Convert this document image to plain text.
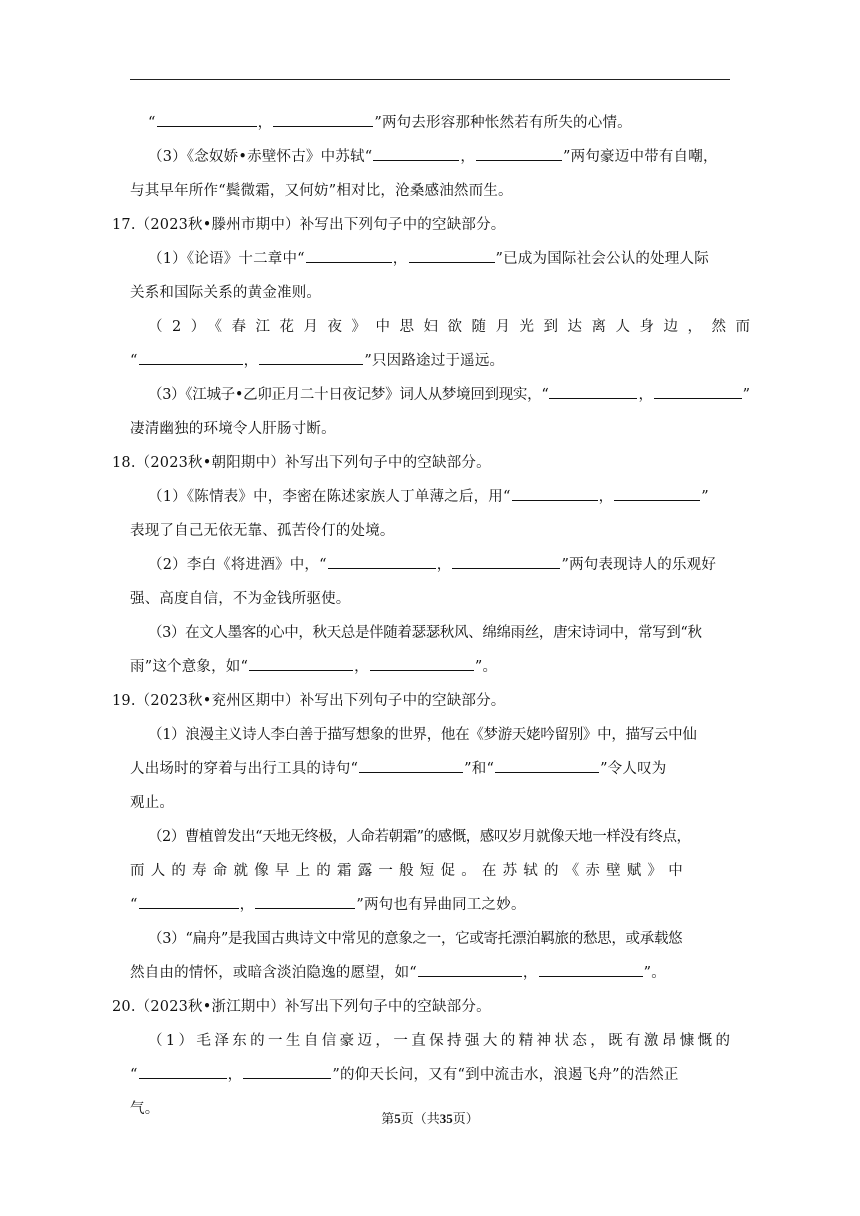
“	，	”两句去形容那种怅然若有所失的心情。
（3）《念奴娇•赤壁怀古》中苏轼“	，	”两句豪迈中带有自嘲，
与其早年所作“鬓微霜，又何妨”相对比，沧桑感油然而生。
17.（2023秋•滕州市期中）补写出下列句子中的空缺部分。
（1）《论语》十二章中“	，	”已成为国际社会公认的处理人际
关系和国际关系的黄金准则。
（2）《春江花月夜》中思妇欲随月光到达离人身边，然而
“	，	”只因路途过于遥远。
（3）《江城子•乙卯正月二十日夜记梦》词人从梦境回到现实，“	，	”
凄清幽独的环境令人肝肠寸断。
18.（2023秋•朝阳期中）补写出下列句子中的空缺部分。
（1）《陈情表》中，李密在陈述家族人丁单薄之后，用“	，	”
表现了自己无依无靠、孤苦伶仃的处境。
（2）李白《将进酒》中，“	，	”两句表现诗人的乐观好
强、高度自信，不为金钱所驱使。
（3）在文人墨客的心中，秋天总是伴随着瑟瑟秋风、绵绵雨丝，唐宋诗词中，常写到“秋
雨”这个意象，如“	，	”。
19.（2023秋•兖州区期中）补写出下列句子中的空缺部分。
（1）浪漫主义诗人李白善于描写想象的世界，他在《梦游天姥吟留别》中，描写云中仙
人出场时的穿着与出行工具的诗句“	”和“	”令人叹为
观止。
（2）曹植曾发出“天地无终极，人命若朝霜”的感慨，感叹岁月就像天地一样没有终点，
而人的寿命就像早上的霜露一般短促。在苏轼的《赤壁赋》中
“	，	”两句也有异曲同工之妙。
（3）“扁舟”是我国古典诗文中常见的意象之一，它或寄托漂泊羁旅的愁思，或承载悠
然自由的情怀，或暗含淡泊隐逸的愿望，如“	，	”。
20.（2023秋•浙江期中）补写出下列句子中的空缺部分。
（1）毛泽东的一生自信豪迈，一直保持强大的精神状态，既有激昂慷慨的
“	，	”的仰天长问，又有“到中流击水，浪遏飞舟”的浩然正
气。
第5页（共35页）
